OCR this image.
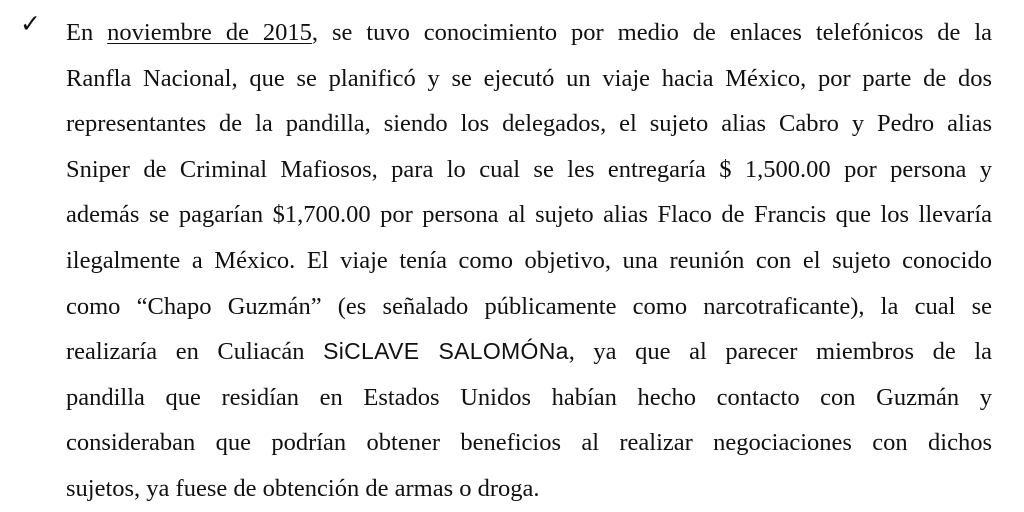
✓ En noviembre de 2015, se tuvo conocimiento por medio de enlaces telefónicos de la
Ranfla Nacional, que se planificó y se ejecutó un viaje hacia México, por parte de dos
representantes de la pandilla, siendo los delegados, el sujeto alias Cabro y Pedro alias
Sniper de Criminal Mafiosos, para lo cual se les entregaría $ 1,500.00 por persona y
además se pagarían $1,700.00 por persona al sujeto alias Flaco de Francis que los llevaría
ilegalmente a México. El viaje tenía como objetivo, una reunión con el sujeto conocido
como “Chapo Guzmán” (es señalado públicamente como narcotraficante), la cual se
realizaría en Culiacán SiCLAVE SALOMÓNa, ya que al parecer miembros de la
pandilla que residían en Estados Unidos habían hecho contacto con Guzmán y
consideraban que podrían obtener beneficios al realizar negociaciones con dichos
sujetos, ya fuese de obtención de armas o droga.
